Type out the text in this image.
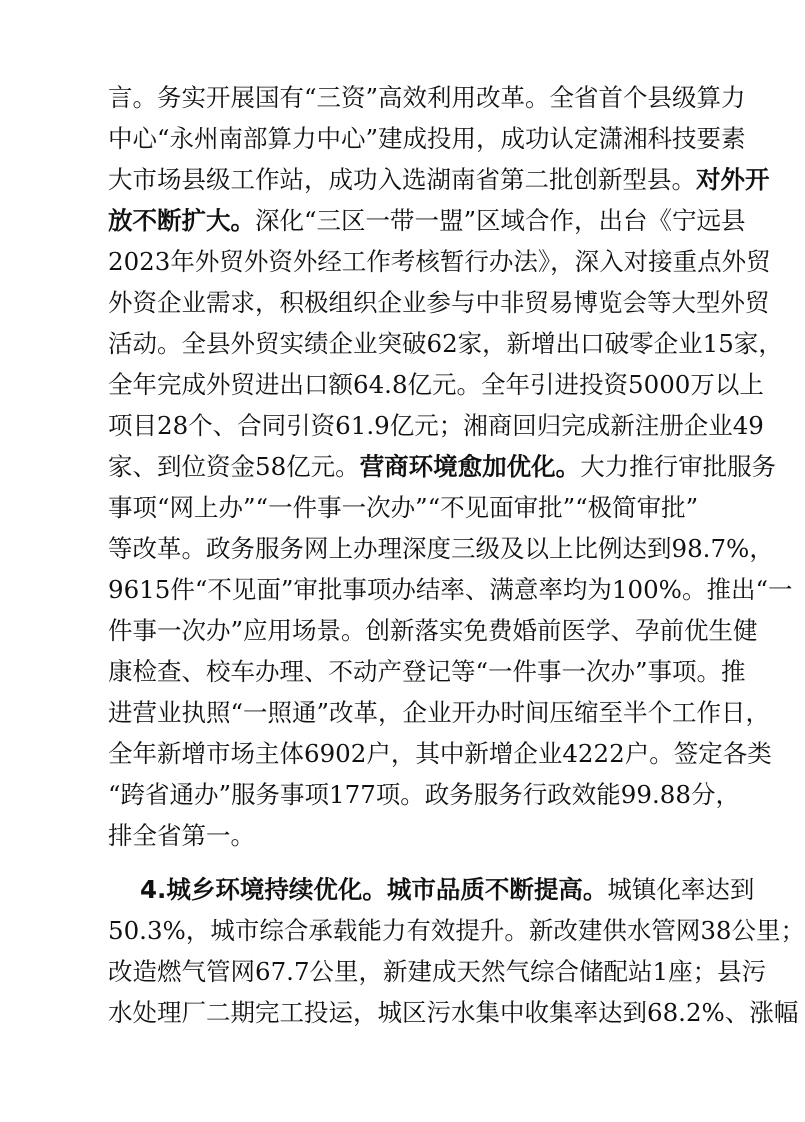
言。务实开展国有“三资”高效利用改革。全省首个县级算力
中心“永州南部算力中心”建成投用，成功认定潇湘科技要素
大市场县级工作站，成功入选湖南省第二批创新型县。对外开
放不断扩大。深化“三区一带一盟”区域合作，出台《宁远县
2023年外贸外资外经工作考核暂行办法》，深入对接重点外贸
外资企业需求，积极组织企业参与中非贸易博览会等大型外贸
活动。全县外贸实绩企业突破62家，新增出口破零企业15家，
全年完成外贸进出口额64.8亿元。全年引进投资5000万以上
项目28个、合同引资61.9亿元；湘商回归完成新注册企业49
家、到位资金58亿元。营商环境愈加优化。大力推行审批服务
事项“网上办”“一件事一次办”“不见面审批”“极简审批”
等改革。政务服务网上办理深度三级及以上比例达到98.7%，
9615件“不见面”审批事项办结率、满意率均为100%。推出“一
件事一次办”应用场景。创新落实免费婚前医学、孕前优生健
康检查、校车办理、不动产登记等“一件事一次办”事项。推
进营业执照“一照通”改革，企业开办时间压缩至半个工作日，
全年新增市场主体6902户，其中新增企业4222户。签定各类
“跨省通办”服务事项177项。政务服务行政效能99.88分，
排全省第一。
4.城乡环境持续优化。城市品质不断提高。城镇化率达到
50.3%，城市综合承载能力有效提升。新改建供水管网38公里；
改造燃气管网67.7公里，新建成天然气综合储配站1座；县污
水处理厂二期完工投运，城区污水集中收集率达到68.2%、涨幅
